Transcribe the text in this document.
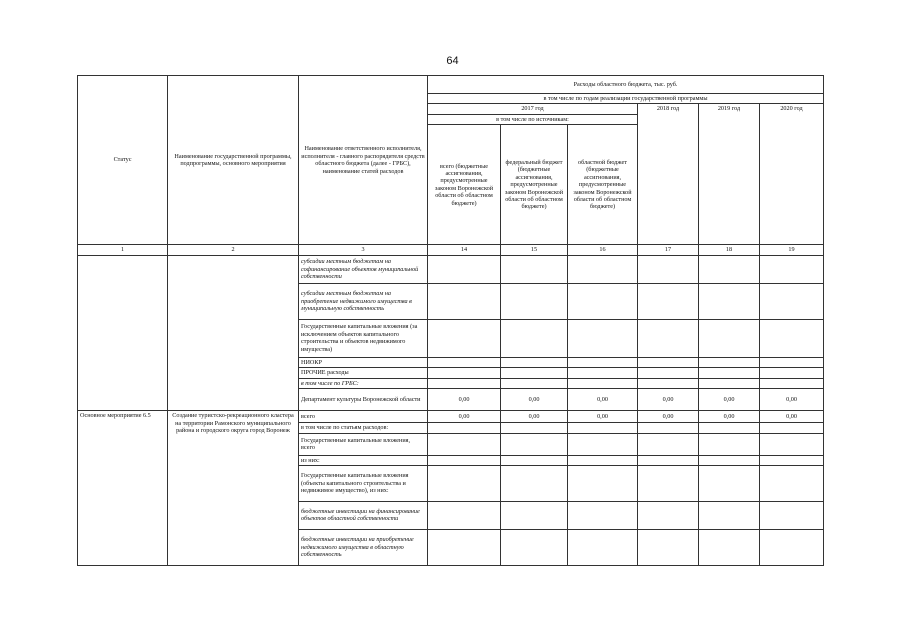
64
Статус	Наименование государственной программы, подпрограммы, основного мероприятия	Наименование ответственного исполнителя, исполнителя - главного распорядителя средств областного бюджета (далее - ГРБС), наименование статей расходов	Расходы областного бюджета, тыс. руб.					
			в том числе по годам реализации государственной программы					
			2017 год			2018 год	2019 год	2020 год
			в том числе по источникам:					
			всего (бюджетные ассигнования, предусмотренные законом Воронежской области об областном бюджете)	федеральный бюджет (бюджетные ассигнования, предусмотренные законом Воронежской области об областном бюджете)	областной бюджет (бюджетные ассигнования, предусмотренные законом Воронежской области об областном бюджете)			
1	2	3	14	15	16	17	18	19
		субсидии местным бюджетам на софинансирование объектов муниципальной собственности						
		субсидии местным бюджетам на приобретение недвижимого имущества в муниципальную собственность						
		Государственные капитальные вложения (за исключением объектов капитального строительства и объектов недвижимого имущества)						
		НИОКР						
		ПРОЧИЕ расходы						
		в том числе по ГРБС:						
		Департамент культуры Воронежской области	0,00	0,00	0,00	0,00	0,00	0,00
Основное мероприятие 6.5	Создание туристско-рекреационного кластера на территории Рамонского муниципального района и городского округа город Воронеж	всего	0,00	0,00	0,00	0,00	0,00	0,00
		в том числе по статьям расходов:						
		Государственные капитальные вложения, всего						
		из них:						
		Государственные капитальные вложения (объекты капитального строительства и недвижимое имущество), из них:						
		бюджетные инвестиции на финансирование объектов областной собственности						
		бюджетные инвестиции на приобретение недвижимого имущества в областную собственность						
